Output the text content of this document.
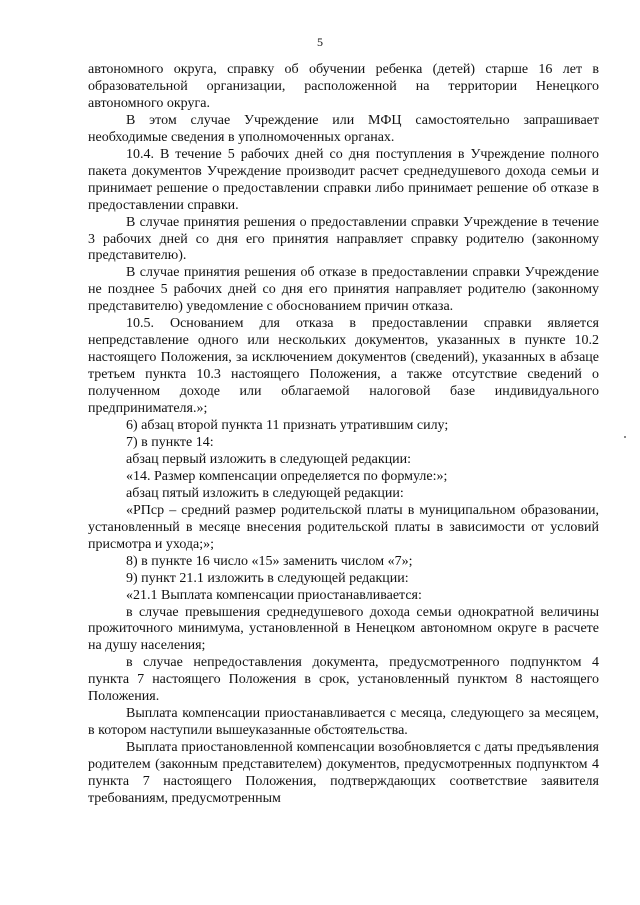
5

автономного округа, справку об обучении ребенка (детей) старше 16 лет в образовательной организации, расположенной на территории Ненецкого автономного округа.

В этом случае Учреждение или МФЦ самостоятельно запрашивает необходимые сведения в уполномоченных органах.

10.4. В течение 5 рабочих дней со дня поступления в Учреждение полного пакета документов Учреждение производит расчет среднедушевого дохода семьи и принимает решение о предоставлении справки либо принимает решение об отказе в предоставлении справки.

В случае принятия решения о предоставлении справки Учреждение в течение 3 рабочих дней со дня его принятия направляет справку родителю (законному представителю).

В случае принятия решения об отказе в предоставлении справки Учреждение не позднее 5 рабочих дней со дня его принятия направляет родителю (законному представителю) уведомление с обоснованием причин отказа.

10.5. Основанием для отказа в предоставлении справки является непредставление одного или нескольких документов, указанных в пункте 10.2 настоящего Положения, за исключением документов (сведений), указанных в абзаце третьем пункта 10.3 настоящего Положения, а также отсутствие сведений о полученном доходе или облагаемой налоговой базе индивидуального предпринимателя.»;

6) абзац второй пункта 11 признать утратившим силу;

7) в пункте 14:

абзац первый изложить в следующей редакции:

«14. Размер компенсации определяется по формуле:»;

абзац пятый изложить в следующей редакции:

«РПср – средний размер родительской платы в муниципальном образовании, установленный в месяце внесения родительской платы в зависимости от условий присмотра и ухода;»;

8) в пункте 16 число «15» заменить числом «7»;

9) пункт 21.1 изложить в следующей редакции:

«21.1 Выплата компенсации приостанавливается:

в случае превышения среднедушевого дохода семьи однократной величины прожиточного минимума, установленной в Ненецком автономном округе в расчете на душу населения;

в случае непредоставления документа, предусмотренного подпунктом 4 пункта 7 настоящего Положения в срок, установленный пунктом 8 настоящего Положения.

Выплата компенсации приостанавливается с месяца, следующего за месяцем, в котором наступили вышеуказанные обстоятельства.

Выплата приостановленной компенсации возобновляется с даты предъявления родителем (законным представителем) документов, предусмотренных подпунктом 4 пункта 7 настоящего Положения, подтверждающих соответствие заявителя требованиям, предусмотренным
